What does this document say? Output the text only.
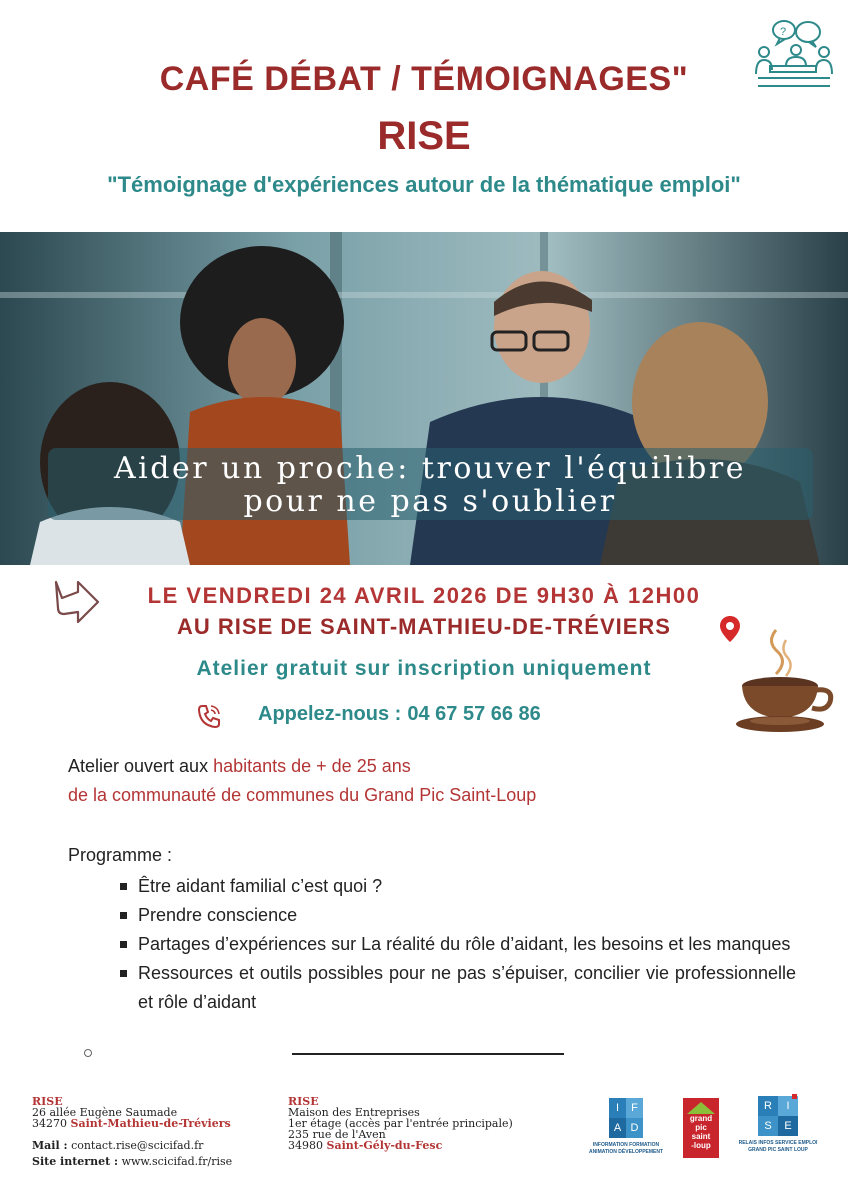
CAFÉ DÉBAT / TÉMOIGNAGES"
RISE
"Témoignage d'expériences autour de la thématique emploi"
?
Aider un proche: trouver l'équilibre
pour ne pas s'oublier
LE VENDREDI 24 AVRIL 2026 DE 9H30 À 12H00
AU RISE DE SAINT-MATHIEU-DE-TRÉVIERS
Atelier gratuit sur inscription uniquement
Appelez-nous : 04 67 57 66 86
Atelier ouvert aux habitants de + de 25 ans
de la communauté de communes du Grand Pic Saint-Loup
Programme :
Être aidant familial c’est quoi ?
Prendre conscience
Partages d’expériences sur La réalité du rôle d’aidant, les besoins et les manques
Ressources et outils possibles pour ne pas s’épuiser, concilier vie professionnelle et rôle d’aidant
RISE
26 allée Eugène Saumade
34270 Saint-Mathieu-de-Tréviers
Mail : contact.rise@scicifad.fr
Site internet : www.scicifad.fr/rise
RISE
Maison des Entreprises
1er étage (accès par l'entrée principale)
235 rue de l'Aven
34980 Saint-Gély-du-Fesc
I	F
A D
INFORMATION FORMATION
ANIMATION DÉVELOPPEMENT
grand
pic
saint
-loup
R	I
S	E
RELAIS INFOS SERVICE EMPLOI
GRAND PIC SAINT LOUP
